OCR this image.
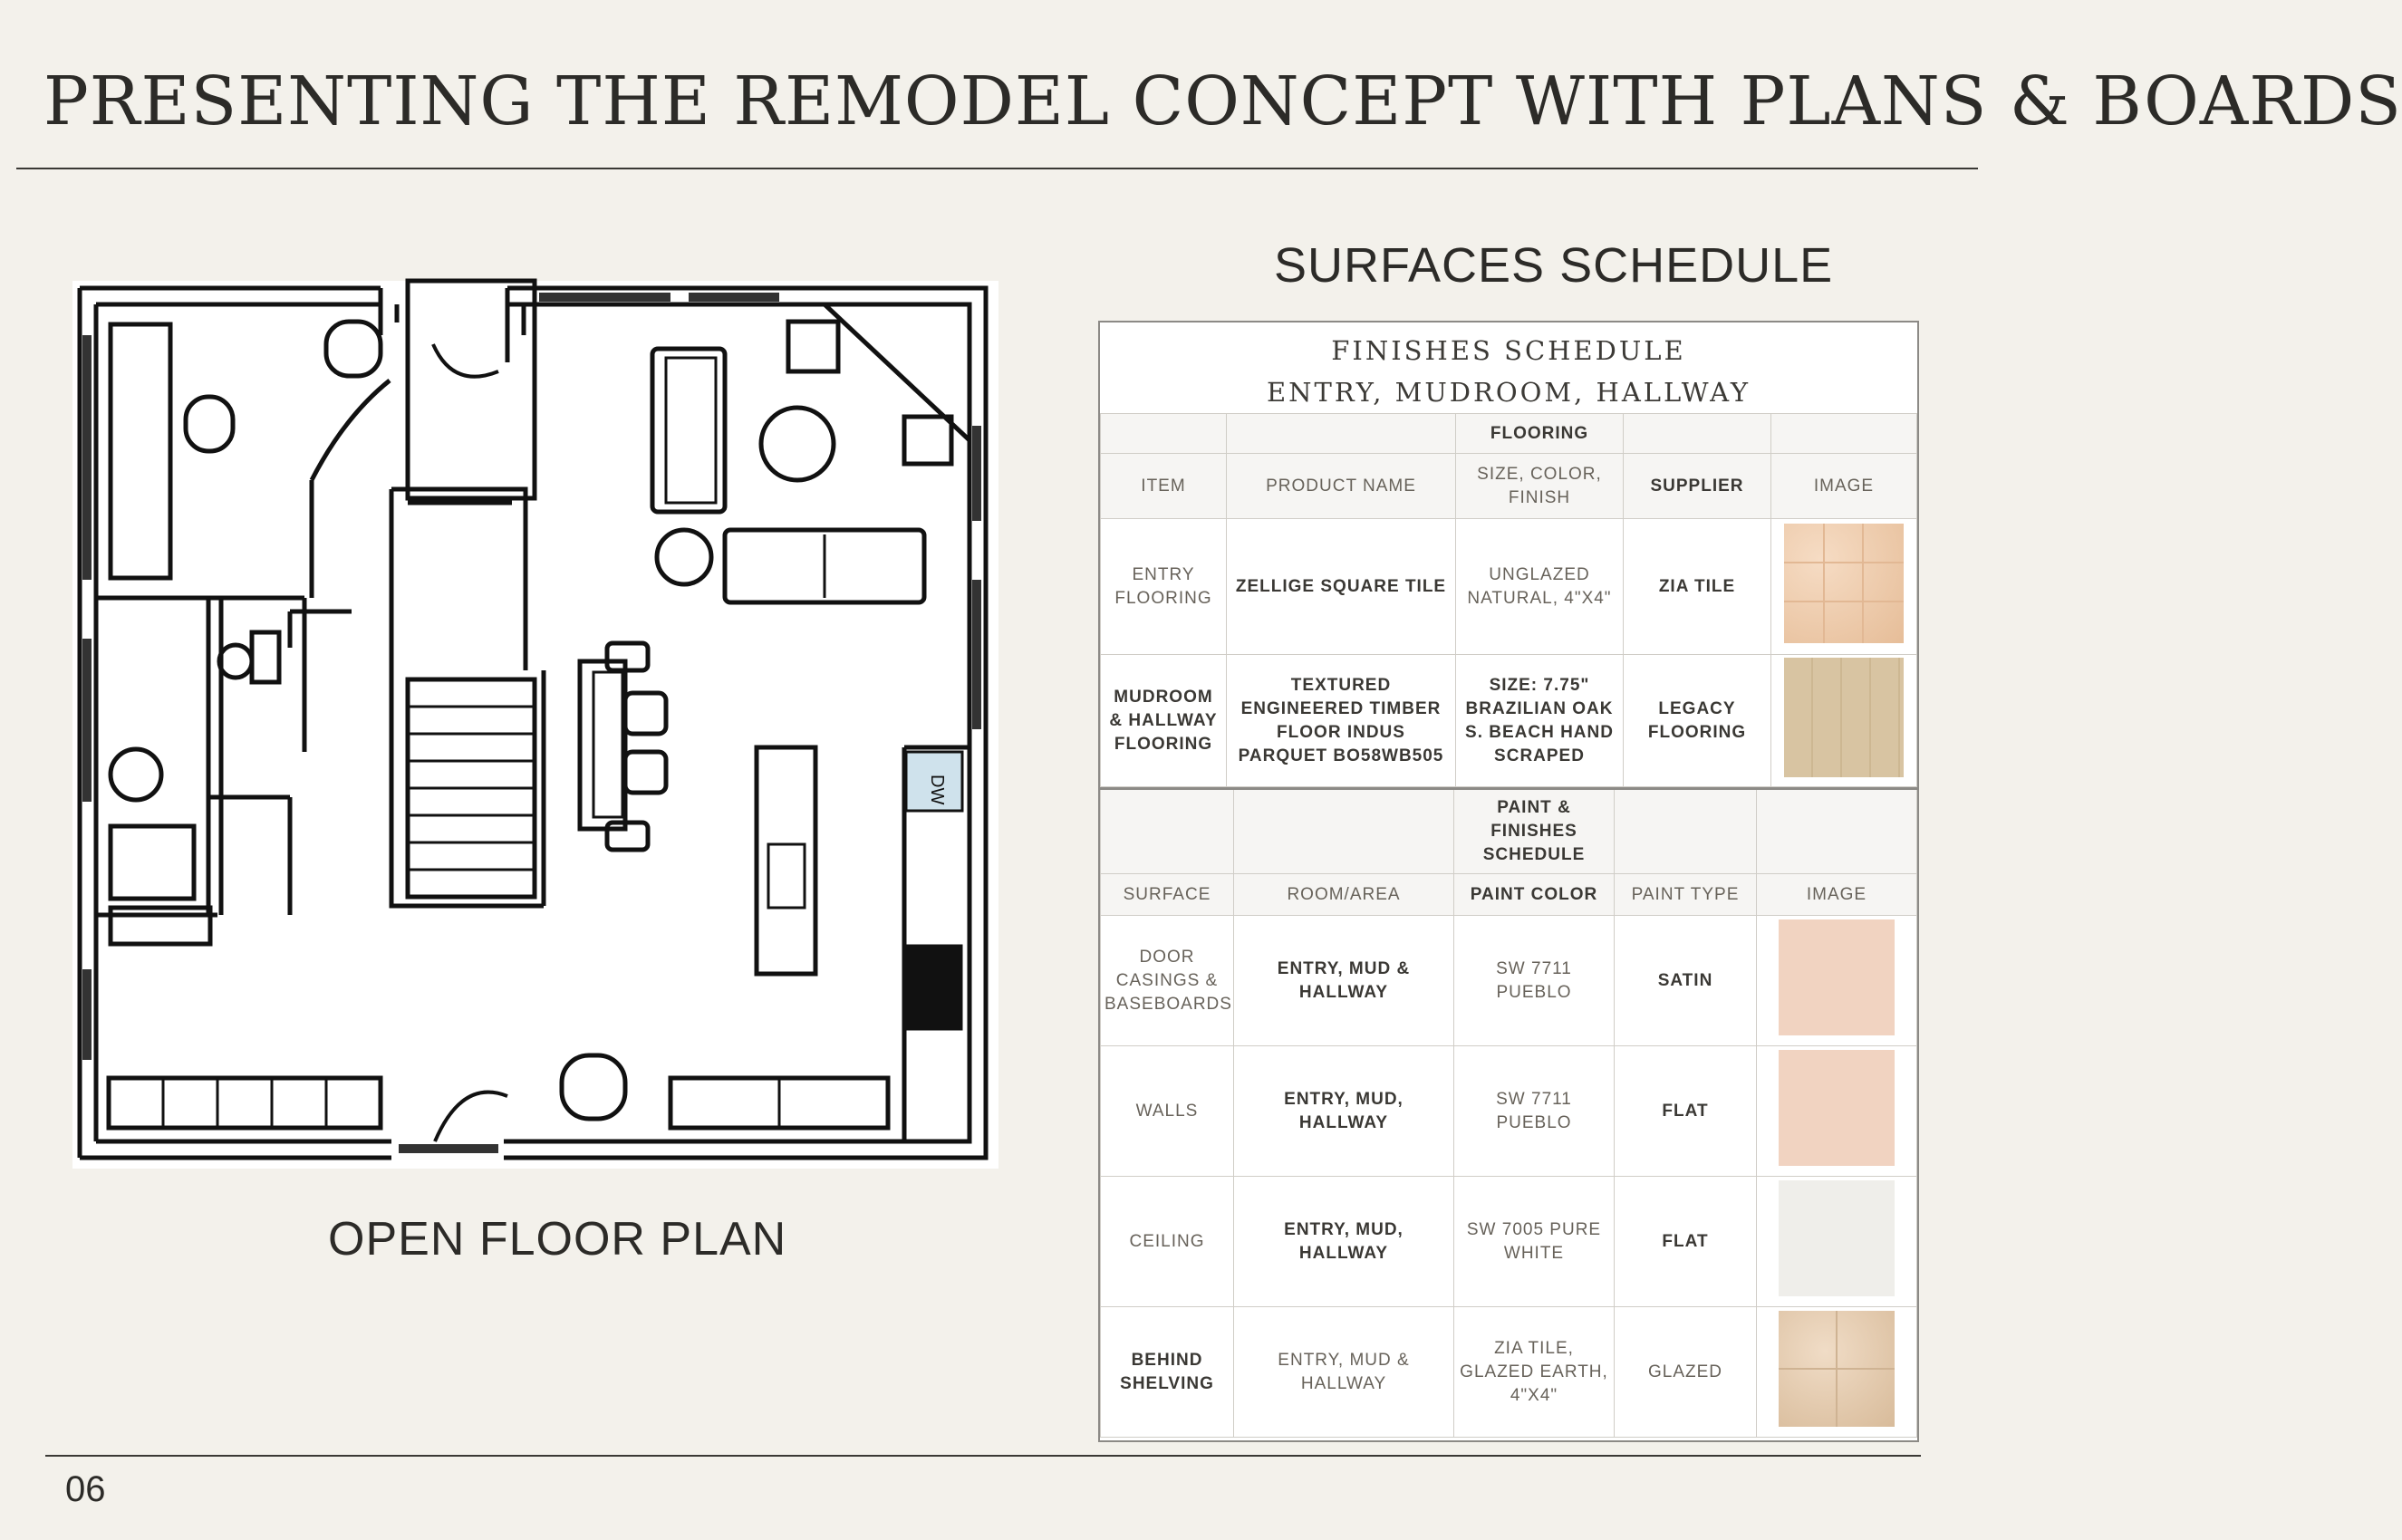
PRESENTING THE REMODEL CONCEPT WITH PLANS & BOARDS
DW
OPEN FLOOR PLAN
SURFACES SCHEDULE
FINISHES SCHEDULE
ENTRY, MUDROOM, HALLWAY
		FLOORING		
ITEM	PRODUCT NAME	SIZE, COLOR, FINISH	SUPPLIER	IMAGE
ENTRY FLOORING	ZELLIGE SQUARE TILE	UNGLAZED NATURAL, 4"X4"	ZIA TILE	
MUDROOM & HALLWAY FLOORING	TEXTURED ENGINEERED TIMBER FLOOR INDUS PARQUET BO58WB505	SIZE: 7.75" BRAZILIAN OAK S. BEACH HAND SCRAPED	LEGACY FLOORING	
		PAINT & FINISHES SCHEDULE		
SURFACE	ROOM/AREA	PAINT COLOR	PAINT TYPE	IMAGE
DOOR CASINGS & BASEBOARDS	ENTRY, MUD & HALLWAY	SW 7711 PUEBLO	SATIN	
WALLS	ENTRY, MUD, HALLWAY	SW 7711 PUEBLO	FLAT	
CEILING	ENTRY, MUD, HALLWAY	SW 7005 PURE WHITE	FLAT	
BEHIND SHELVING	ENTRY, MUD & HALLWAY	ZIA TILE, GLAZED EARTH, 4"X4"	GLAZED	
06
